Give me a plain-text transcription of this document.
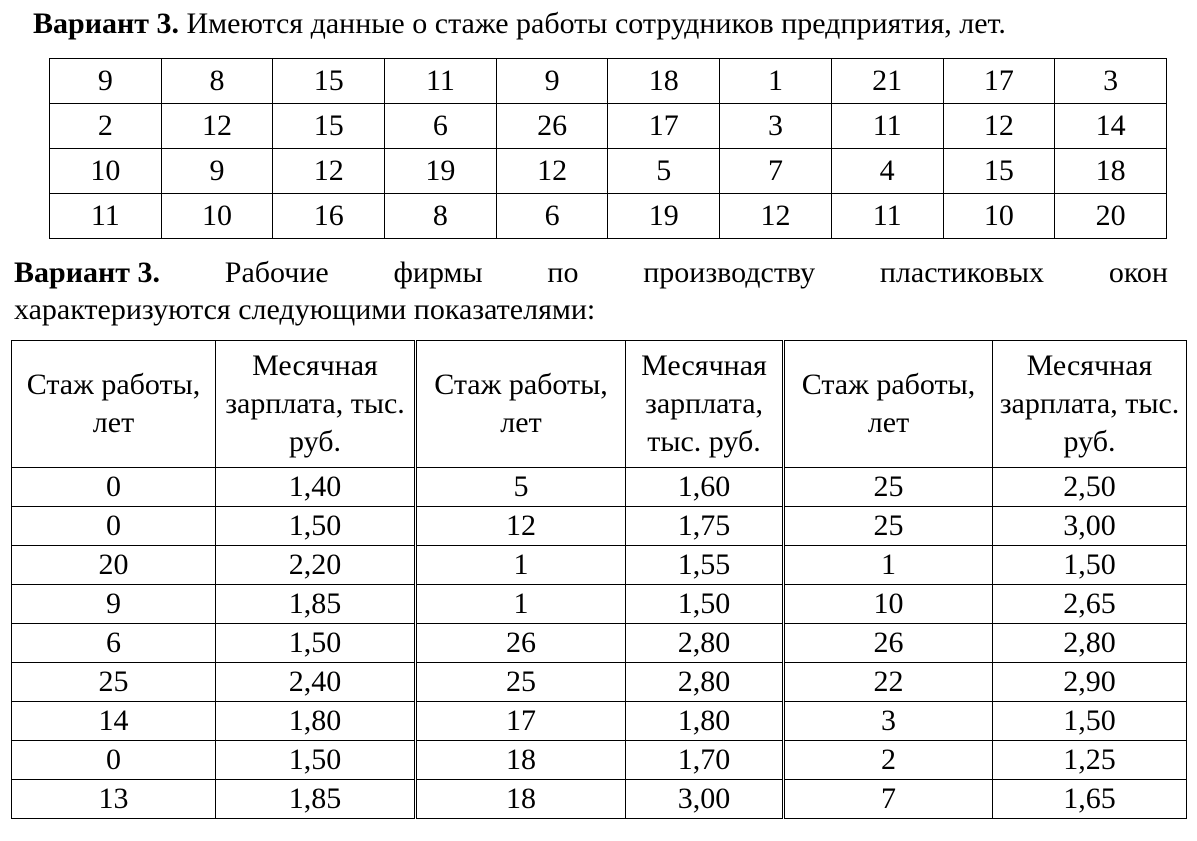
Вариант 3. Имеются данные о стаже работы сотрудников предприятия, лет.
9	8	15	11	9	18	1	21	17	3
2	12	15	6	26	17	3	11	12	14
10	9	12	19	12	5	7	4	15	18
11	10	16	8	6	19	12	11	10	20
Вариант 3. Рабочие фирмы по производству пластиковых окон
характеризуются следующими показателями:
Стаж работы, лет	Месячная зарплата, тыс. руб.	Стаж работы, лет	Месячная зарплата, тыс. руб.	Стаж работы, лет	Месячная зарплата, тыс. руб.
0	1,40	5	1,60	25	2,50
0	1,50	12	1,75	25	3,00
20	2,20	1	1,55	1	1,50
9	1,85	1	1,50	10	2,65
6	1,50	26	2,80	26	2,80
25	2,40	25	2,80	22	2,90
14	1,80	17	1,80	3	1,50
0	1,50	18	1,70	2	1,25
13	1,85	18	3,00	7	1,65
